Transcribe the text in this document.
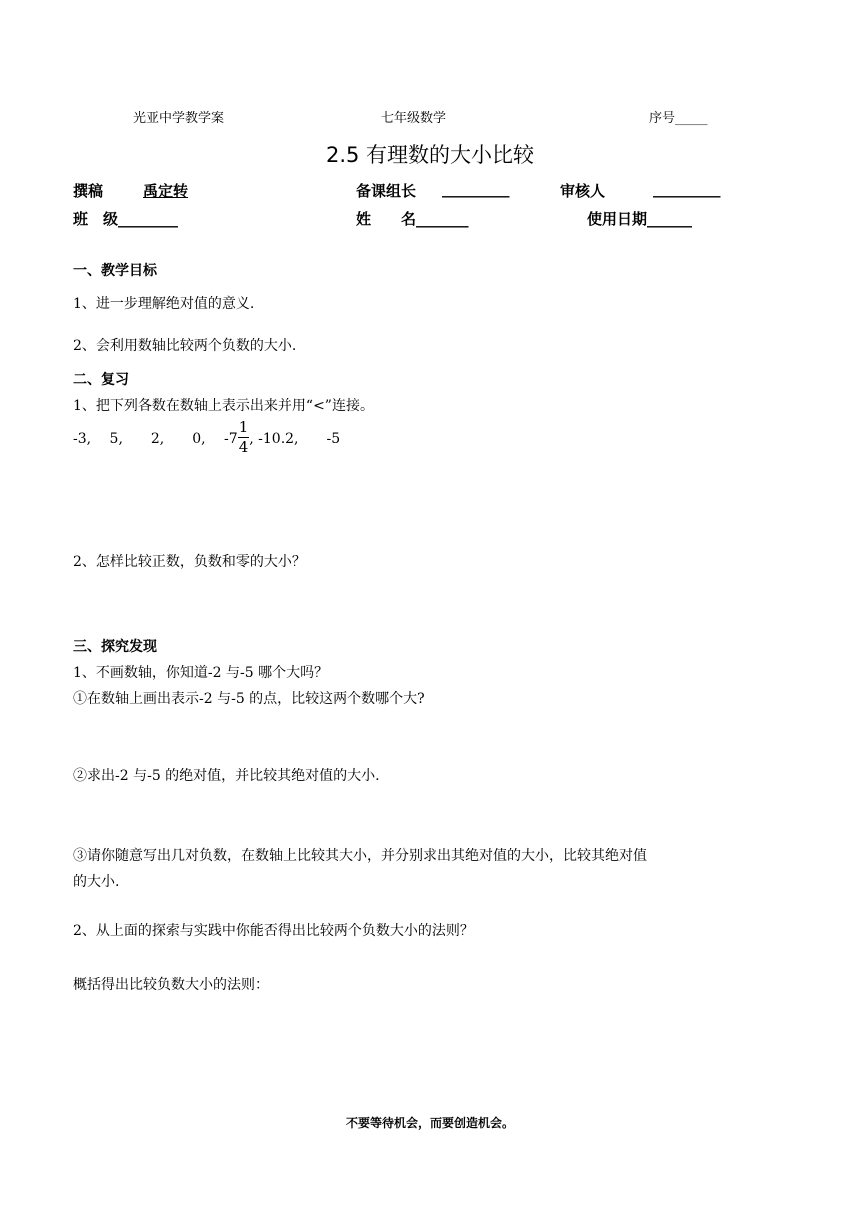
光亚中学教学案	七年级数学	序号_____
2.5 有理数的大小比较
撰稿	禹定转	备课组长 _________	审核人	_________
班　级________	姓　　名_______	使用日期______
一、教学目标
1、进一步理解绝对值的意义.
2、会利用数轴比较两个负数的大小.
二、复习
1、把下列各数在数轴上表示出来并用“<”连接。
-3,　 5,　　2,　　0,　 $-7 \frac{1}{4}$ , -10.2,　　-5
2、怎样比较正数，负数和零的大小？
三、探究发现
1、不画数轴，你知道-2 与-5 哪个大吗？
①在数轴上画出表示-2 与-5 的点，比较这两个数哪个大?
②求出-2 与-5 的绝对值，并比较其绝对值的大小.
③请你随意写出几对负数，在数轴上比较其大小，并分别求出其绝对值的大小，比较其绝对值
的大小.
2、从上面的探索与实践中你能否得出比较两个负数大小的法则？
概括得出比较负数大小的法则：
不要等待机会，而要创造机会。
